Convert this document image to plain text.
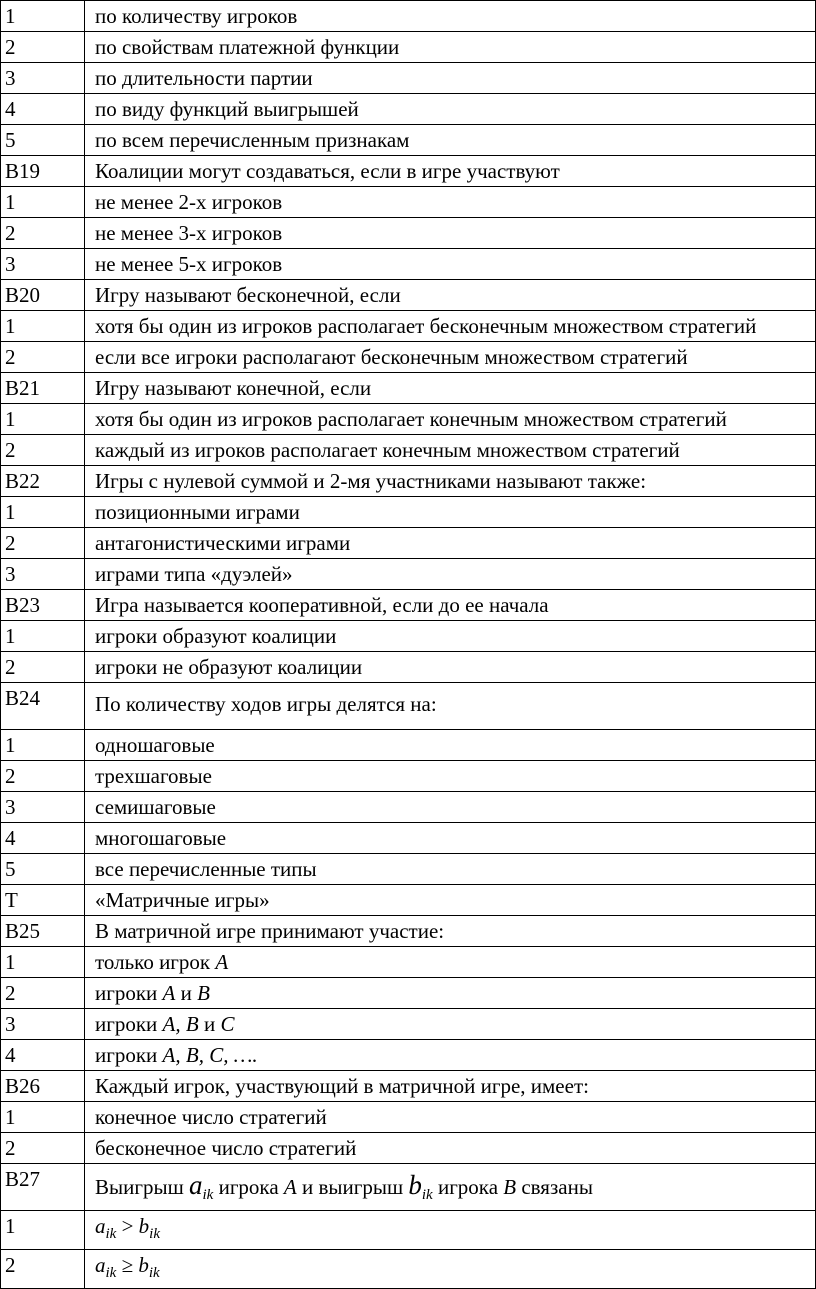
1	по количеству игроков
2	по свойствам платежной функции
3	по длительности партии
4	по виду функций выигрышей
5	по всем перечисленным признакам
B19	Коалиции могут создаваться, если в игре участвуют
1	не менее 2-х игроков
2	не менее 3-х игроков
3	не менее 5-х игроков
B20	Игру называют бесконечной, если
1	хотя бы один из игроков располагает бесконечным множеством стратегий
2	если все игроки располагают бесконечным множеством стратегий
B21	Игру называют конечной, если
1	хотя бы один из игроков располагает конечным множеством стратегий
2	каждый из игроков располагает конечным множеством стратегий
B22	Игры с нулевой суммой и 2-мя участниками называют также:
1	позиционными играми
2	антагонистическими играми
3	играми типа «дуэлей»
B23	Игра называется кооперативной, если до ее начала
1	игроки образуют коалиции
2	игроки не образуют коалиции
B24	По количеству ходов игры делятся на:
1	одношаговые
2	трехшаговые
3	семишаговые
4	многошаговые
5	все перечисленные типы
T	«Матричные игры»
B25	В матричной игре принимают участие:
1	только игрок A
2	игроки A и B
3	игроки A, B и C
4	игроки A, B, C, ….
B26	Каждый игрок, участвующий в матричной игре, имеет:
1	конечное число стратегий
2	бесконечное число стратегий
B27	Выигрыш $a_{ik}$ игрока A и выигрыш $b_{ik}$ игрока B связаны
1	$a_{ik} > b_{ik}$
2	$a_{ik} \ge b_{ik}$
